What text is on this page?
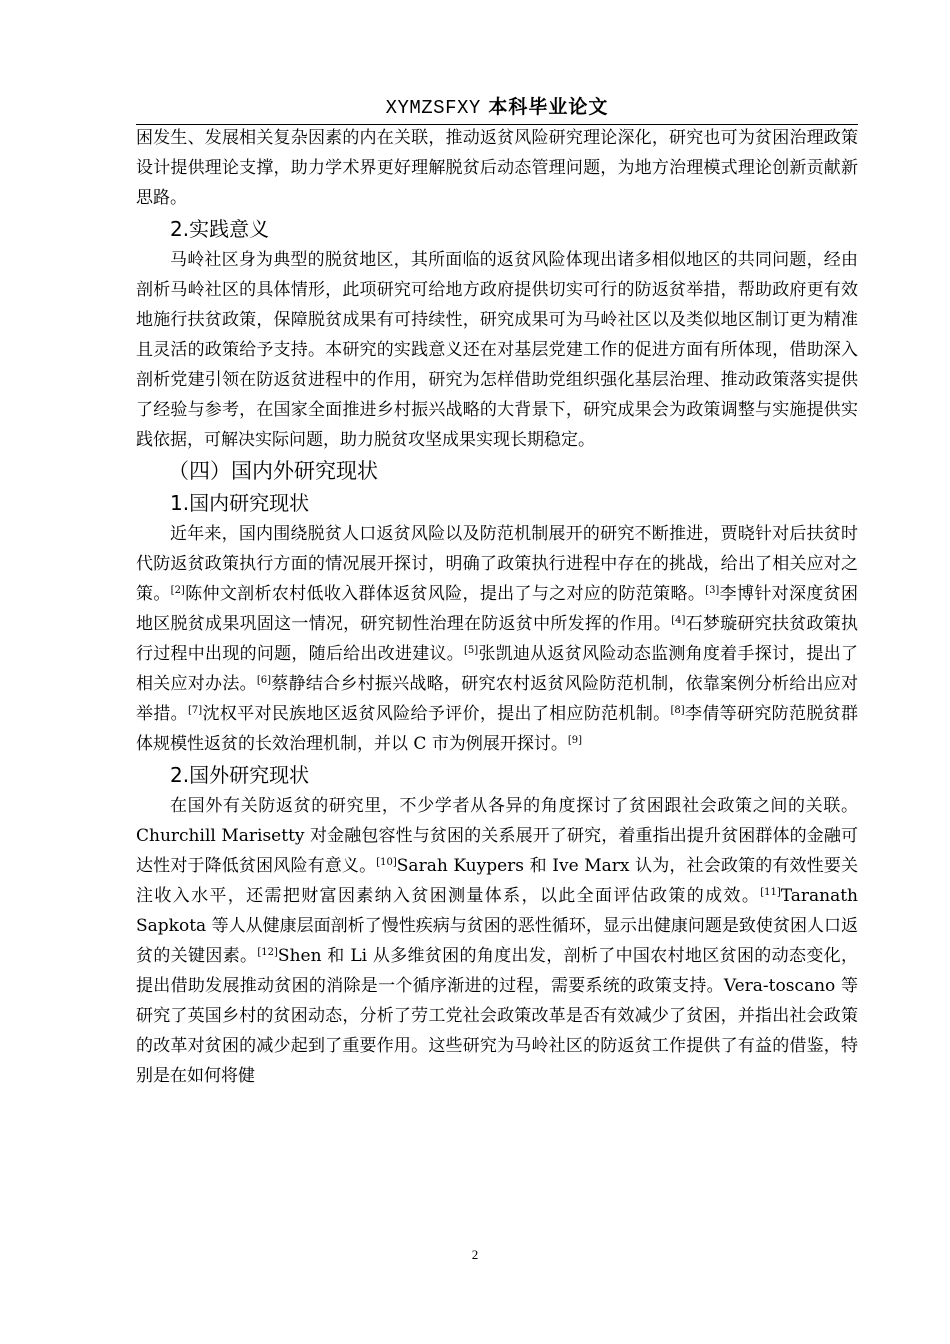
XYMZSFXY 本科毕业论文

困发生、发展相关复杂因素的内在关联，推动返贫风险研究理论深化，研究也可为贫困治理政策设计提供理论支撑，助力学术界更好理解脱贫后动态管理问题，为地方治理模式理论创新贡献新思路。

2.实践意义

马岭社区身为典型的脱贫地区，其所面临的返贫风险体现出诸多相似地区的共同问题，经由剖析马岭社区的具体情形，此项研究可给地方政府提供切实可行的防返贫举措，帮助政府更有效地施行扶贫政策，保障脱贫成果有可持续性，研究成果可为马岭社区以及类似地区制订更为精准且灵活的政策给予支持。本研究的实践意义还在对基层党建工作的促进方面有所体现，借助深入剖析党建引领在防返贫进程中的作用，研究为怎样借助党组织强化基层治理、推动政策落实提供了经验与参考，在国家全面推进乡村振兴战略的大背景下，研究成果会为政策调整与实施提供实践依据，可解决实际问题，助力脱贫攻坚成果实现长期稳定。

（四）国内外研究现状

1.国内研究现状

近年来，国内围绕脱贫人口返贫风险以及防范机制展开的研究不断推进，贾晓针对后扶贫时代防返贫政策执行方面的情况展开探讨，明确了政策执行进程中存在的挑战，给出了相关应对之策。[2]陈仲文剖析农村低收入群体返贫风险，提出了与之对应的防范策略。[3]李博针对深度贫困地区脱贫成果巩固这一情况，研究韧性治理在防返贫中所发挥的作用。[4]石梦璇研究扶贫政策执行过程中出现的问题，随后给出改进建议。[5]张凯迪从返贫风险动态监测角度着手探讨，提出了相关应对办法。[6]蔡静结合乡村振兴战略，研究农村返贫风险防范机制，依靠案例分析给出应对举措。[7]沈权平对民族地区返贫风险给予评价，提出了相应防范机制。[8]李倩等研究防范脱贫群体规模性返贫的长效治理机制，并以 C 市为例展开探讨。[9]

2.国外研究现状

在国外有关防返贫的研究里，不少学者从各异的角度探讨了贫困跟社会政策之间的关联。Churchill Marisetty 对金融包容性与贫困的关系展开了研究，着重指出提升贫困群体的金融可达性对于降低贫困风险有意义。[10]Sarah Kuypers 和 Ive Marx 认为，社会政策的有效性要关注收入水平，还需把财富因素纳入贫困测量体系，以此全面评估政策的成效。[11]Taranath Sapkota 等人从健康层面剖析了慢性疾病与贫困的恶性循环，显示出健康问题是致使贫困人口返贫的关键因素。[12]Shen 和 Li 从多维贫困的角度出发，剖析了中国农村地区贫困的动态变化，提出借助发展推动贫困的消除是一个循序渐进的过程，需要系统的政策支持。Vera-toscano 等研究了英国乡村的贫困动态，分析了劳工党社会政策改革是否有效减少了贫困，并指出社会政策的改革对贫困的减少起到了重要作用。这些研究为马岭社区的防返贫工作提供了有益的借鉴，特别是在如何将健

2
